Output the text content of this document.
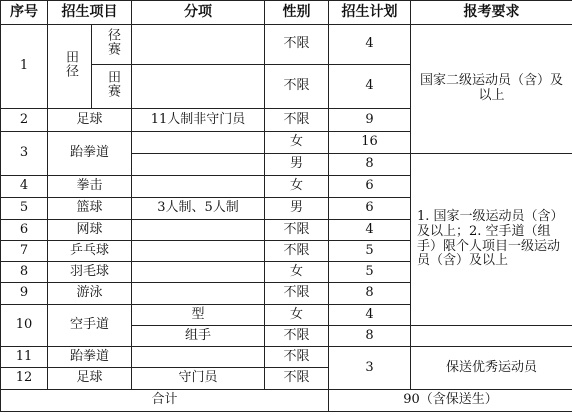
序号	招生项目		分项	性别	招生计划	报考要求
1	田径	径赛		不限	4	国家二级运动员（含）及以上
		田赛		不限	4	
2	足球		11人制非守门员	不限	9	
3	跆拳道			女	16	
				男	8	1. 国家一级运动员（含）及以上；2. 空手道（组手）限个人项目一级运动员（含）及以上
4	拳击			女	6	
5	篮球		3人制、5人制	男	6	
6	网球			不限	4	
7	乒乓球			不限	5	
8	羽毛球			女	5	
9	游泳			不限	8	
10	空手道		型	女	4	
			组手	不限	8	
11	跆拳道			不限	3	保送优秀运动员
12	足球		守门员	不限		
合计					90（含保送生）	
